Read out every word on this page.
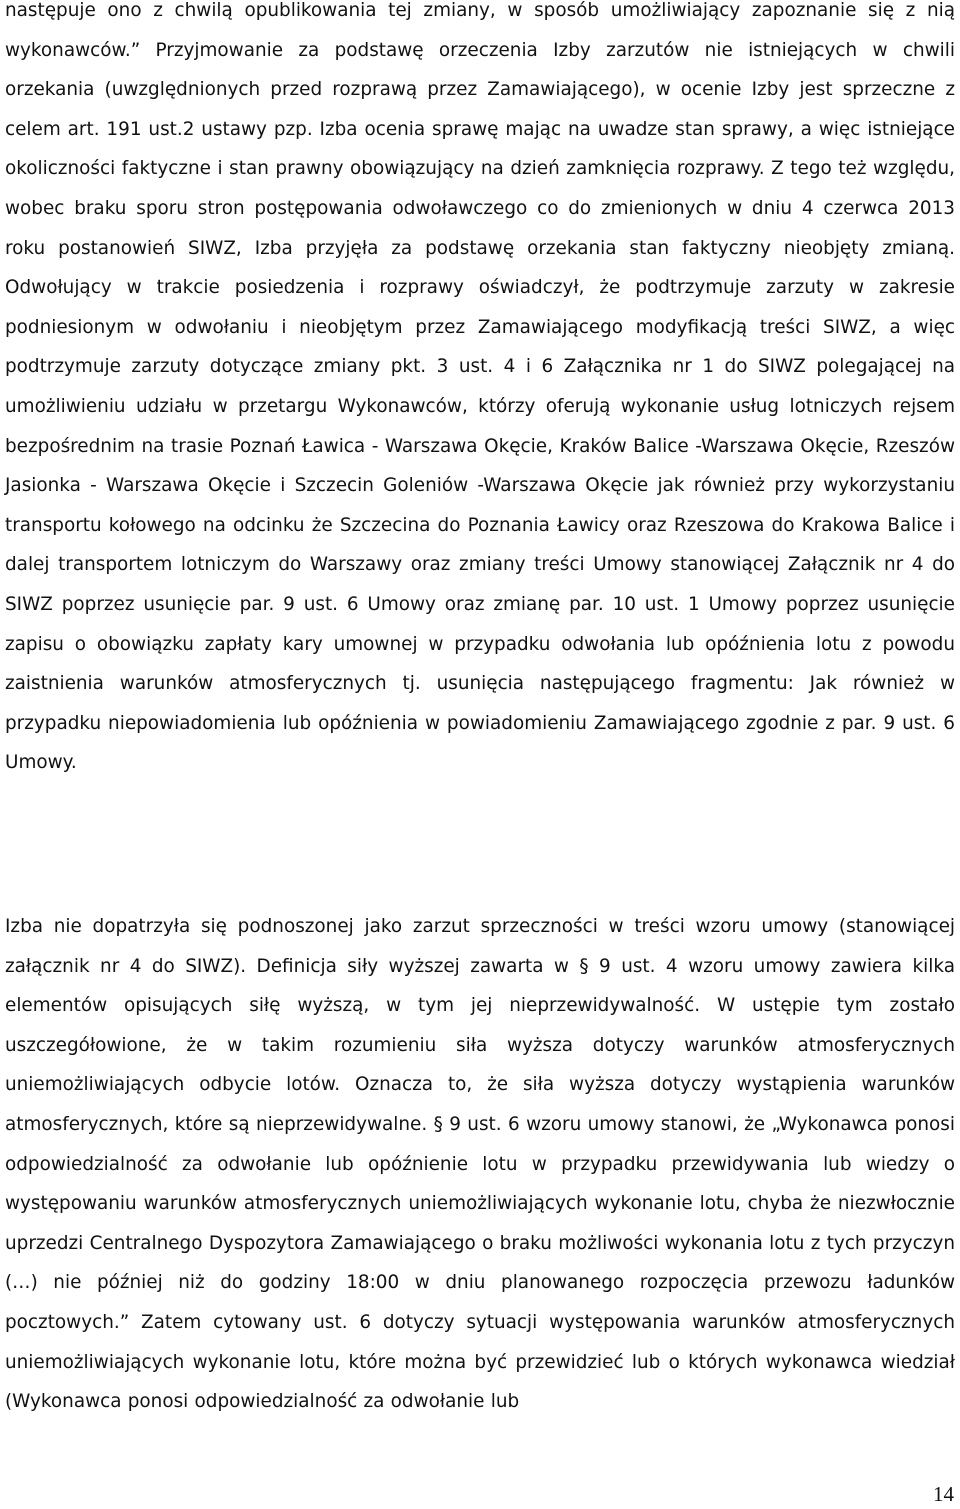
następuje ono z chwilą opublikowania tej zmiany, w sposób umożliwiający zapoznanie się z nią wykonawców.” Przyjmowanie za podstawę orzeczenia Izby zarzutów nie istniejących w chwili orzekania (uwzględnionych przed rozprawą przez Zamawiającego), w ocenie Izby jest sprzeczne z celem art. 191 ust.2 ustawy pzp. Izba ocenia sprawę mając na uwadze stan sprawy, a więc istniejące okoliczności faktyczne i stan prawny obowiązujący na dzień zamknięcia rozprawy. Z tego też względu, wobec braku sporu stron postępowania odwoławczego co do zmienionych w dniu 4 czerwca 2013 roku postanowień SIWZ, Izba przyjęła za podstawę orzekania stan faktyczny nieobjęty zmianą. Odwołujący w trakcie posiedzenia i rozprawy oświadczył, że podtrzymuje zarzuty w zakresie podniesionym w odwołaniu i nieobjętym przez Zamawiającego modyfikacją treści SIWZ, a więc podtrzymuje zarzuty dotyczące zmiany pkt. 3 ust. 4 i 6 Załącznika nr 1 do SIWZ polegającej na umożliwieniu udziału w przetargu Wykonawców, którzy oferują wykonanie usług lotniczych rejsem bezpośrednim na trasie Poznań Ławica - Warszawa Okęcie, Kraków Balice -Warszawa Okęcie, Rzeszów Jasionka - Warszawa Okęcie i Szczecin Goleniów -Warszawa Okęcie jak również przy wykorzystaniu transportu kołowego na odcinku że Szczecina do Poznania Ławicy oraz Rzeszowa do Krakowa Balice i dalej transportem lotniczym do Warszawy oraz zmiany treści Umowy stanowiącej Załącznik nr 4 do SIWZ poprzez usunięcie par. 9 ust. 6 Umowy oraz zmianę par. 10 ust. 1 Umowy poprzez usunięcie zapisu o obowiązku zapłaty kary umownej w przypadku odwołania lub opóźnienia lotu z powodu zaistnienia warunków atmosferycznych tj. usunięcia następującego fragmentu: Jak również w przypadku niepowiadomienia lub opóźnienia w powiadomieniu Zamawiającego zgodnie z par. 9 ust. 6 Umowy.

Izba nie dopatrzyła się podnoszonej jako zarzut sprzeczności w treści wzoru umowy (stanowiącej załącznik nr 4 do SIWZ). Definicja siły wyższej zawarta w § 9 ust. 4 wzoru umowy zawiera kilka elementów opisujących siłę wyższą, w tym jej nieprzewidywalność. W ustępie tym zostało uszczegółowione, że w takim rozumieniu siła wyższa dotyczy warunków atmosferycznych uniemożliwiających odbycie lotów. Oznacza to, że siła wyższa dotyczy wystąpienia warunków atmosferycznych, które są nieprzewidywalne. § 9 ust. 6 wzoru umowy stanowi, że „Wykonawca ponosi odpowiedzialność za odwołanie lub opóźnienie lotu w przypadku przewidywania lub wiedzy o występowaniu warunków atmosferycznych uniemożliwiających wykonanie lotu, chyba że niezwłocznie uprzedzi Centralnego Dyspozytora Zamawiającego o braku możliwości wykonania lotu z tych przyczyn (…) nie później niż do godziny 18:00 w dniu planowanego rozpoczęcia przewozu ładunków pocztowych.” Zatem cytowany ust. 6 dotyczy sytuacji występowania warunków atmosferycznych uniemożliwiających wykonanie lotu, które można być przewidzieć lub o których wykonawca wiedział (Wykonawca ponosi odpowiedzialność za odwołanie lub

14
